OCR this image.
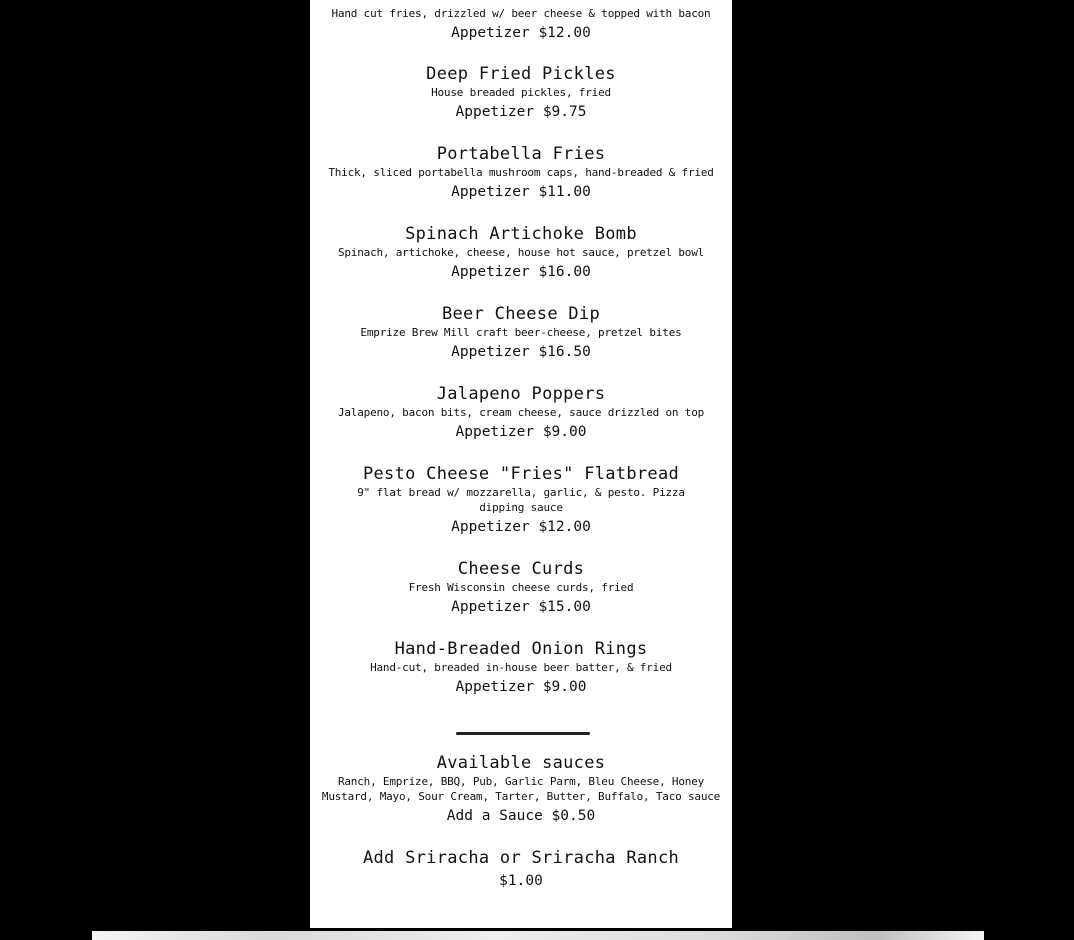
Hand cut fries, drizzled w/ beer cheese & topped with bacon
Appetizer $12.00
Deep Fried Pickles
House breaded pickles, fried
Appetizer $9.75
Portabella Fries
Thick, sliced portabella mushroom caps, hand-breaded & fried
Appetizer $11.00
Spinach Artichoke Bomb
Spinach, artichoke, cheese, house hot sauce, pretzel bowl
Appetizer $16.00
Beer Cheese Dip
Emprize Brew Mill craft beer-cheese, pretzel bites
Appetizer $16.50
Jalapeno Poppers
Jalapeno, bacon bits, cream cheese, sauce drizzled on top
Appetizer $9.00
Pesto Cheese "Fries" Flatbread
9" flat bread w/ mozzarella, garlic, & pesto. Pizza dipping sauce
Appetizer $12.00
Cheese Curds
Fresh Wisconsin cheese curds, fried
Appetizer $15.00
Hand-Breaded Onion Rings
Hand-cut, breaded in-house beer batter, & fried
Appetizer $9.00
Available sauces
Ranch, Emprize, BBQ, Pub, Garlic Parm, Bleu Cheese, Honey Mustard, Mayo, Sour Cream, Tarter, Butter, Buffalo, Taco sauce
Add a Sauce $0.50
Add Sriracha or Sriracha Ranch
$1.00
